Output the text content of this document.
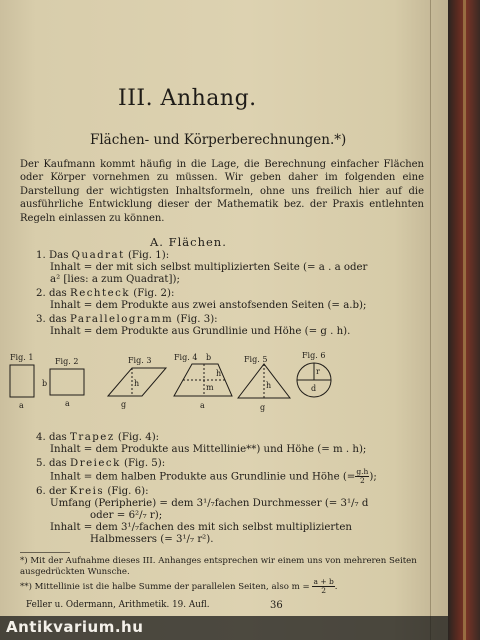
III. Anhang.
Flächen- und Körperberechnungen.*)
Der Kaufmann kommt häufig in die Lage, die Berechnung einfacher Flächen oder Körper vornehmen zu müssen. Wir geben daher im folgenden eine Darstellung der wichtigsten Inhaltsformeln, ohne uns freilich hier auf die ausführliche Entwicklung dieser der Mathematik bez. der Praxis entlehnten Regeln einlassen zu können.
A. Flächen.
1. Das Quadrat (Fig. 1):
Inhalt = der mit sich selbst multiplizierten Seite (= a . a oder
a² [lies: a zum Quadrat]);
2. das Rechteck (Fig. 2):
Inhalt = dem Produkte aus zwei anstofsenden Seiten (= a.b);
3. das Parallelogramm (Fig. 3):
Inhalt = dem Produkte aus Grundlinie und Höhe (= g . h).
Fig. 1
a
Fig. 2
b
a
Fig. 3
h
g
Fig. 4 b
m
h
a
Fig. 5
h
g
Fig. 6
r
d
4. das Trapez (Fig. 4):
Inhalt = dem Produkte aus Mittellinie**) und Höhe (= m . h);
5. das Dreieck (Fig. 5):
Inhalt = dem halben Produkte aus Grundlinie und Höhe (= $\frac{g.h}{2}$ );
6. der Kreis (Fig. 6):
Umfang (Peripherie) = dem 3¹/₇fachen Durchmesser (= 3¹/₇ d
oder = 6²/₇ r);
Inhalt = dem 3¹/₇fachen des mit sich selbst multiplizierten
Halbmessers (= 3¹/₇ r²).
*) Mit der Aufnahme dieses III. Anhanges entsprechen wir einem uns von mehreren Seiten ausgedrückten Wunsche.
**) Mittellinie ist die halbe Summe der parallelen Seiten, also $m = \frac{a + b}{2}$ .
Feller u. Odermann, Arithmetik. 19. Aufl.	36
Antikvarium.hu
